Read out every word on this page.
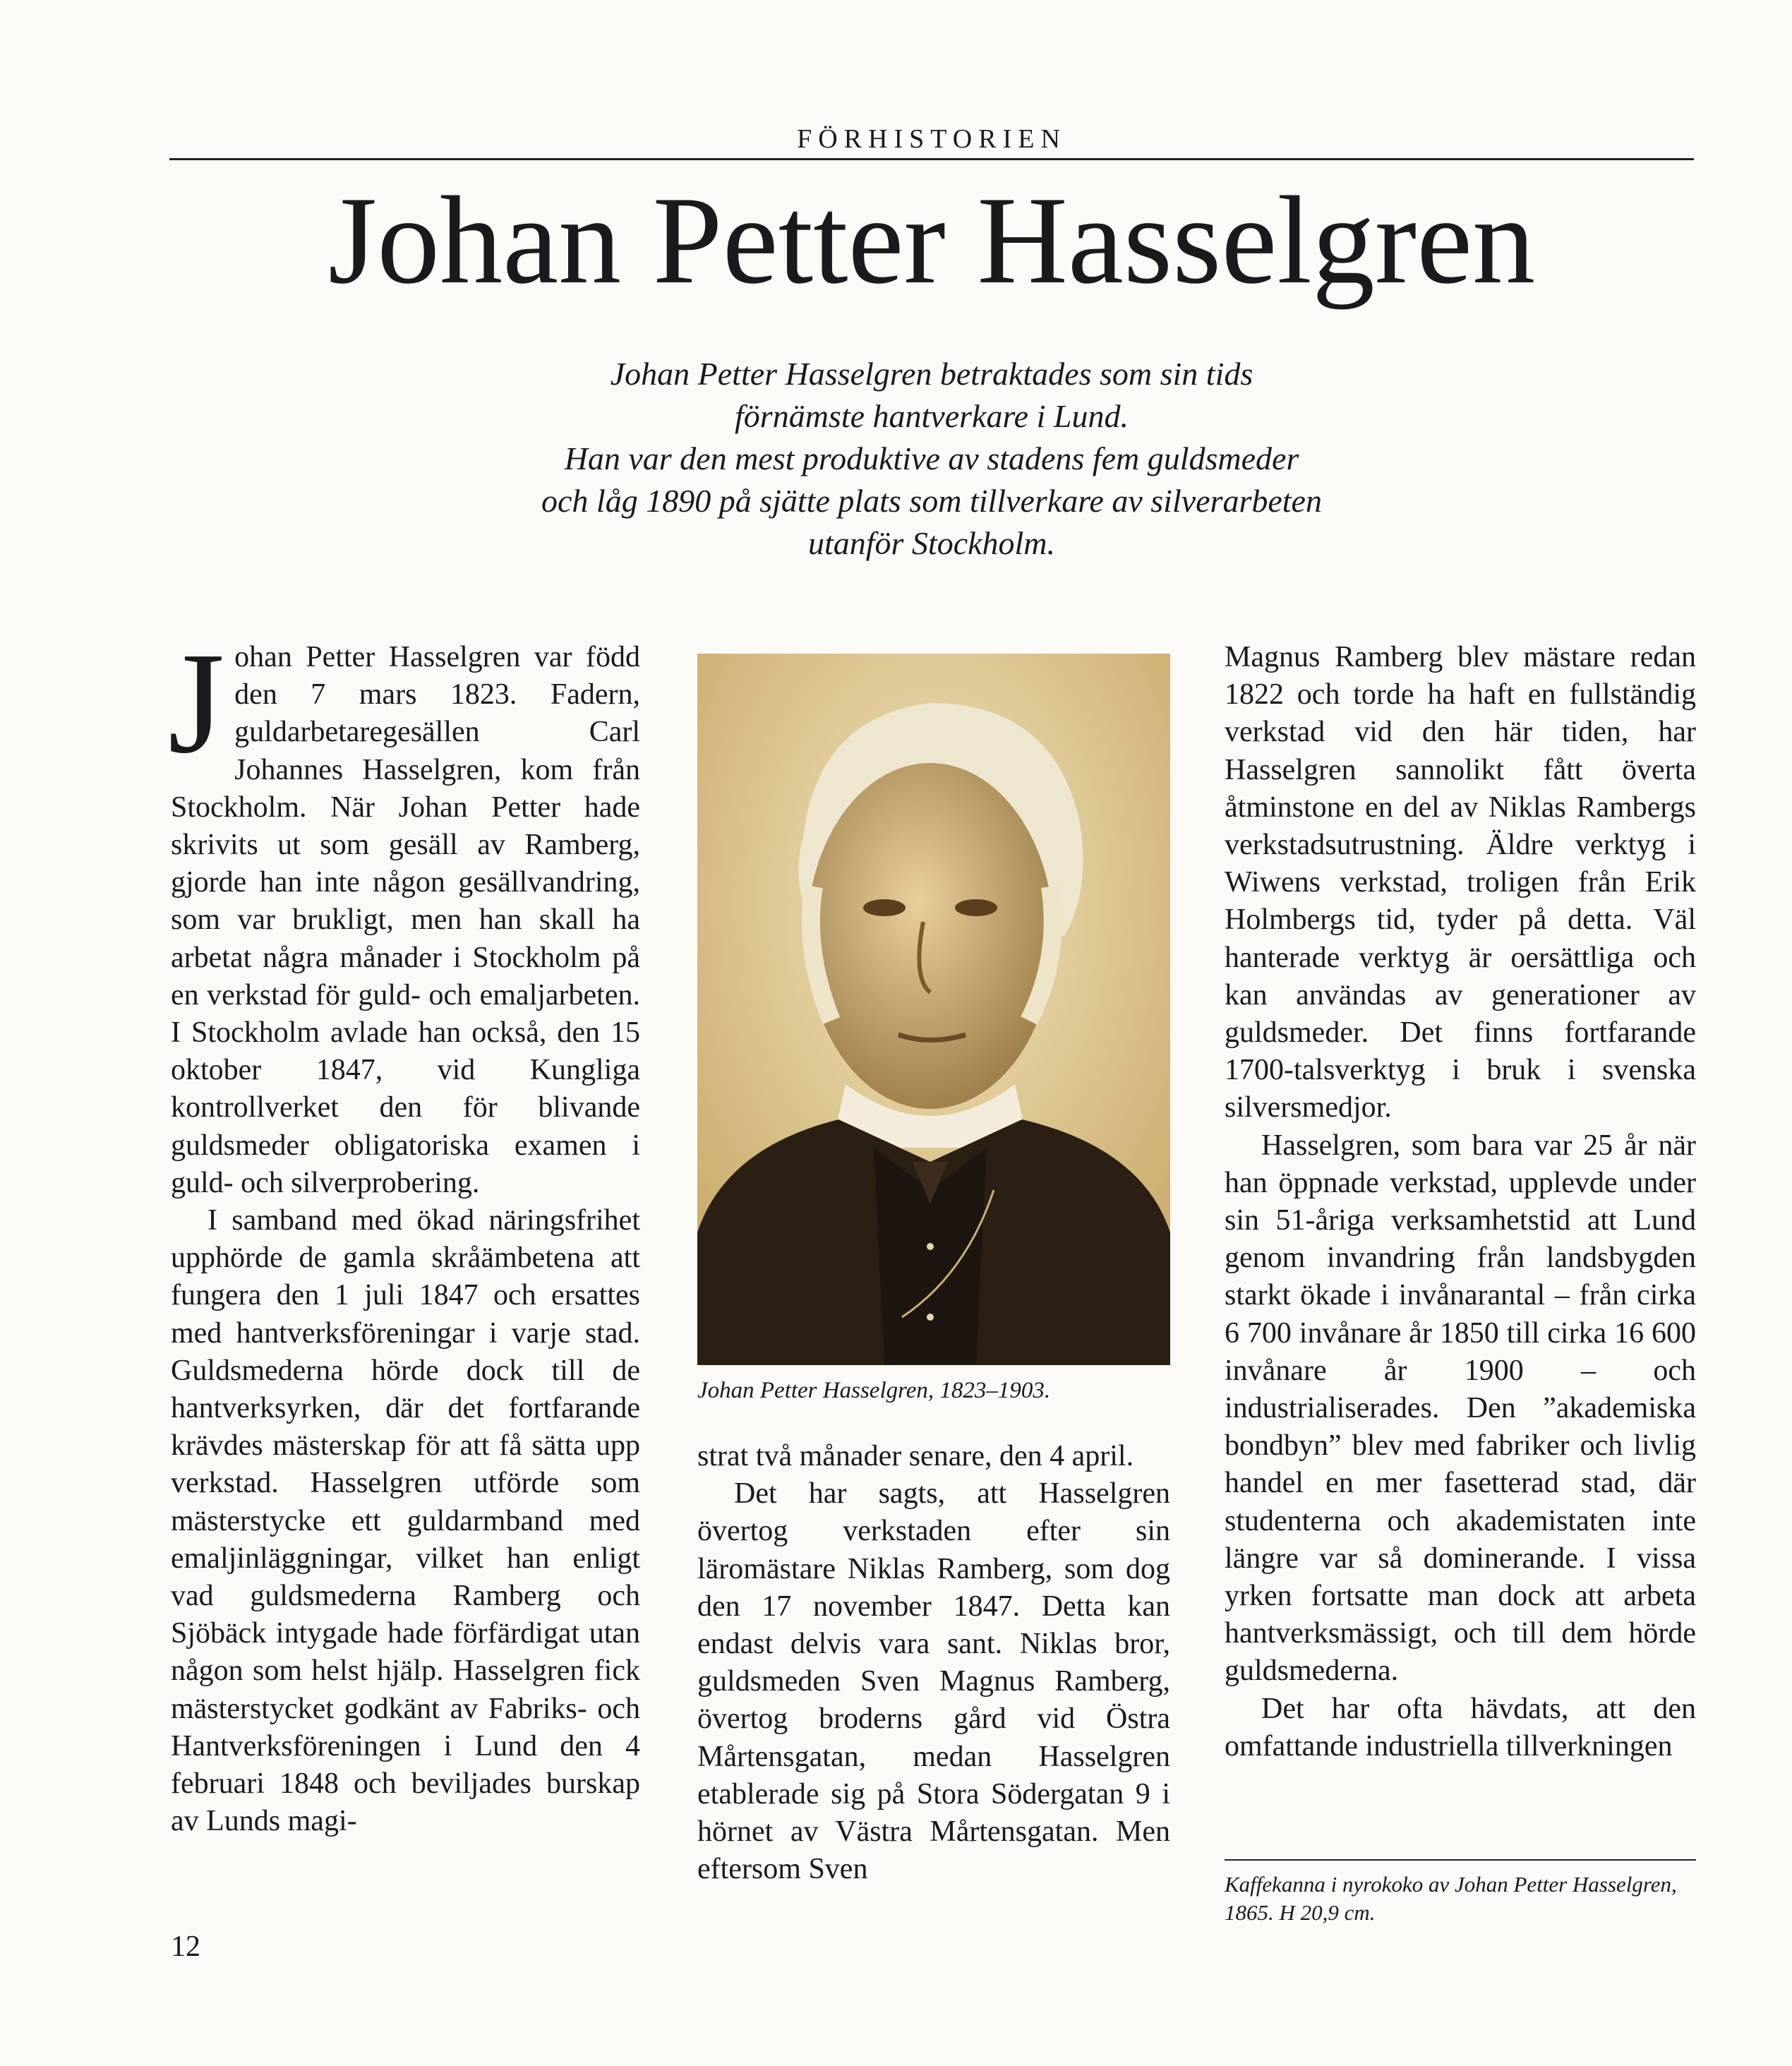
FÖRHISTORIEN
Johan Petter Hasselgren
Johan Petter Hasselgren betraktades som sin tids
förnämste hantverkare i Lund.
Han var den mest produktive av stadens fem guldsmeder
och låg 1890 på sjätte plats som tillverkare av silverarbeten
utanför Stockholm.

Johan Petter Hasselgren var född den 7 mars 1823. Fadern, guldarbetaregesällen Carl Johannes Hasselgren, kom från Stockholm. När Johan Petter hade skrivits ut som gesäll av Ramberg, gjorde han inte någon gesällvandring, som var brukligt, men han skall ha arbetat några månader i Stockholm på en verkstad för guld- och emaljarbeten. I Stockholm avlade han också, den 15 oktober 1847, vid Kungliga kontrollverket den för blivande guldsmeder obligatoriska examen i guld- och silverprobering.

I samband med ökad näringsfrihet upphörde de gamla skråämbetena att fungera den 1 juli 1847 och ersattes med hantverksföreningar i varje stad. Guldsmederna hörde dock till de hantverksyrken, där det fortfarande krävdes mästerskap för att få sätta upp verkstad. Hasselgren utförde som mästerstycke ett guldarmband med emaljinläggningar, vilket han enligt vad guldsmederna Ramberg och Sjöbäck intygade hade förfärdigat utan någon som helst hjälp. Hasselgren fick mästerstycket godkänt av Fabriks- och Hantverksföreningen i Lund den 4 februari 1848 och beviljades burskap av Lunds magi-

Johan Petter Hasselgren, 1823–1903.

strat två månader senare, den 4 april.

Det har sagts, att Hasselgren övertog verkstaden efter sin läromästare Niklas Ramberg, som dog den 17 november 1847. Detta kan endast delvis vara sant. Niklas bror, guldsmeden Sven Magnus Ramberg, övertog broderns gård vid Östra Mårtensgatan, medan Hasselgren etablerade sig på Stora Södergatan 9 i hörnet av Västra Mårtensgatan. Men eftersom Sven

Magnus Ramberg blev mästare redan 1822 och torde ha haft en fullständig verkstad vid den här tiden, har Hasselgren sannolikt fått överta åtminstone en del av Niklas Rambergs verkstadsutrustning. Äldre verktyg i Wiwens verkstad, troligen från Erik Holmbergs tid, tyder på detta. Väl hanterade verktyg är oersättliga och kan användas av generationer av guldsmeder. Det finns fortfarande 1700-talsverktyg i bruk i svenska silversmedjor.

Hasselgren, som bara var 25 år när han öppnade verkstad, upplevde under sin 51-åriga verksamhetstid att Lund genom invandring från landsbygden starkt ökade i invånarantal – från cirka 6 700 invånare år 1850 till cirka 16 600 invånare år 1900 – och industrialiserades. Den ”akademiska bondbyn” blev med fabriker och livlig handel en mer fasetterad stad, där studenterna och akademistaten inte längre var så dominerande. I vissa yrken fortsatte man dock att arbeta hantverksmässigt, och till dem hörde guldsmederna.

Det har ofta hävdats, att den omfattande industriella tillverkningen

Kaffekanna i nyrokoko av Johan Petter Hasselgren, 1865. H 20,9 cm.
12
